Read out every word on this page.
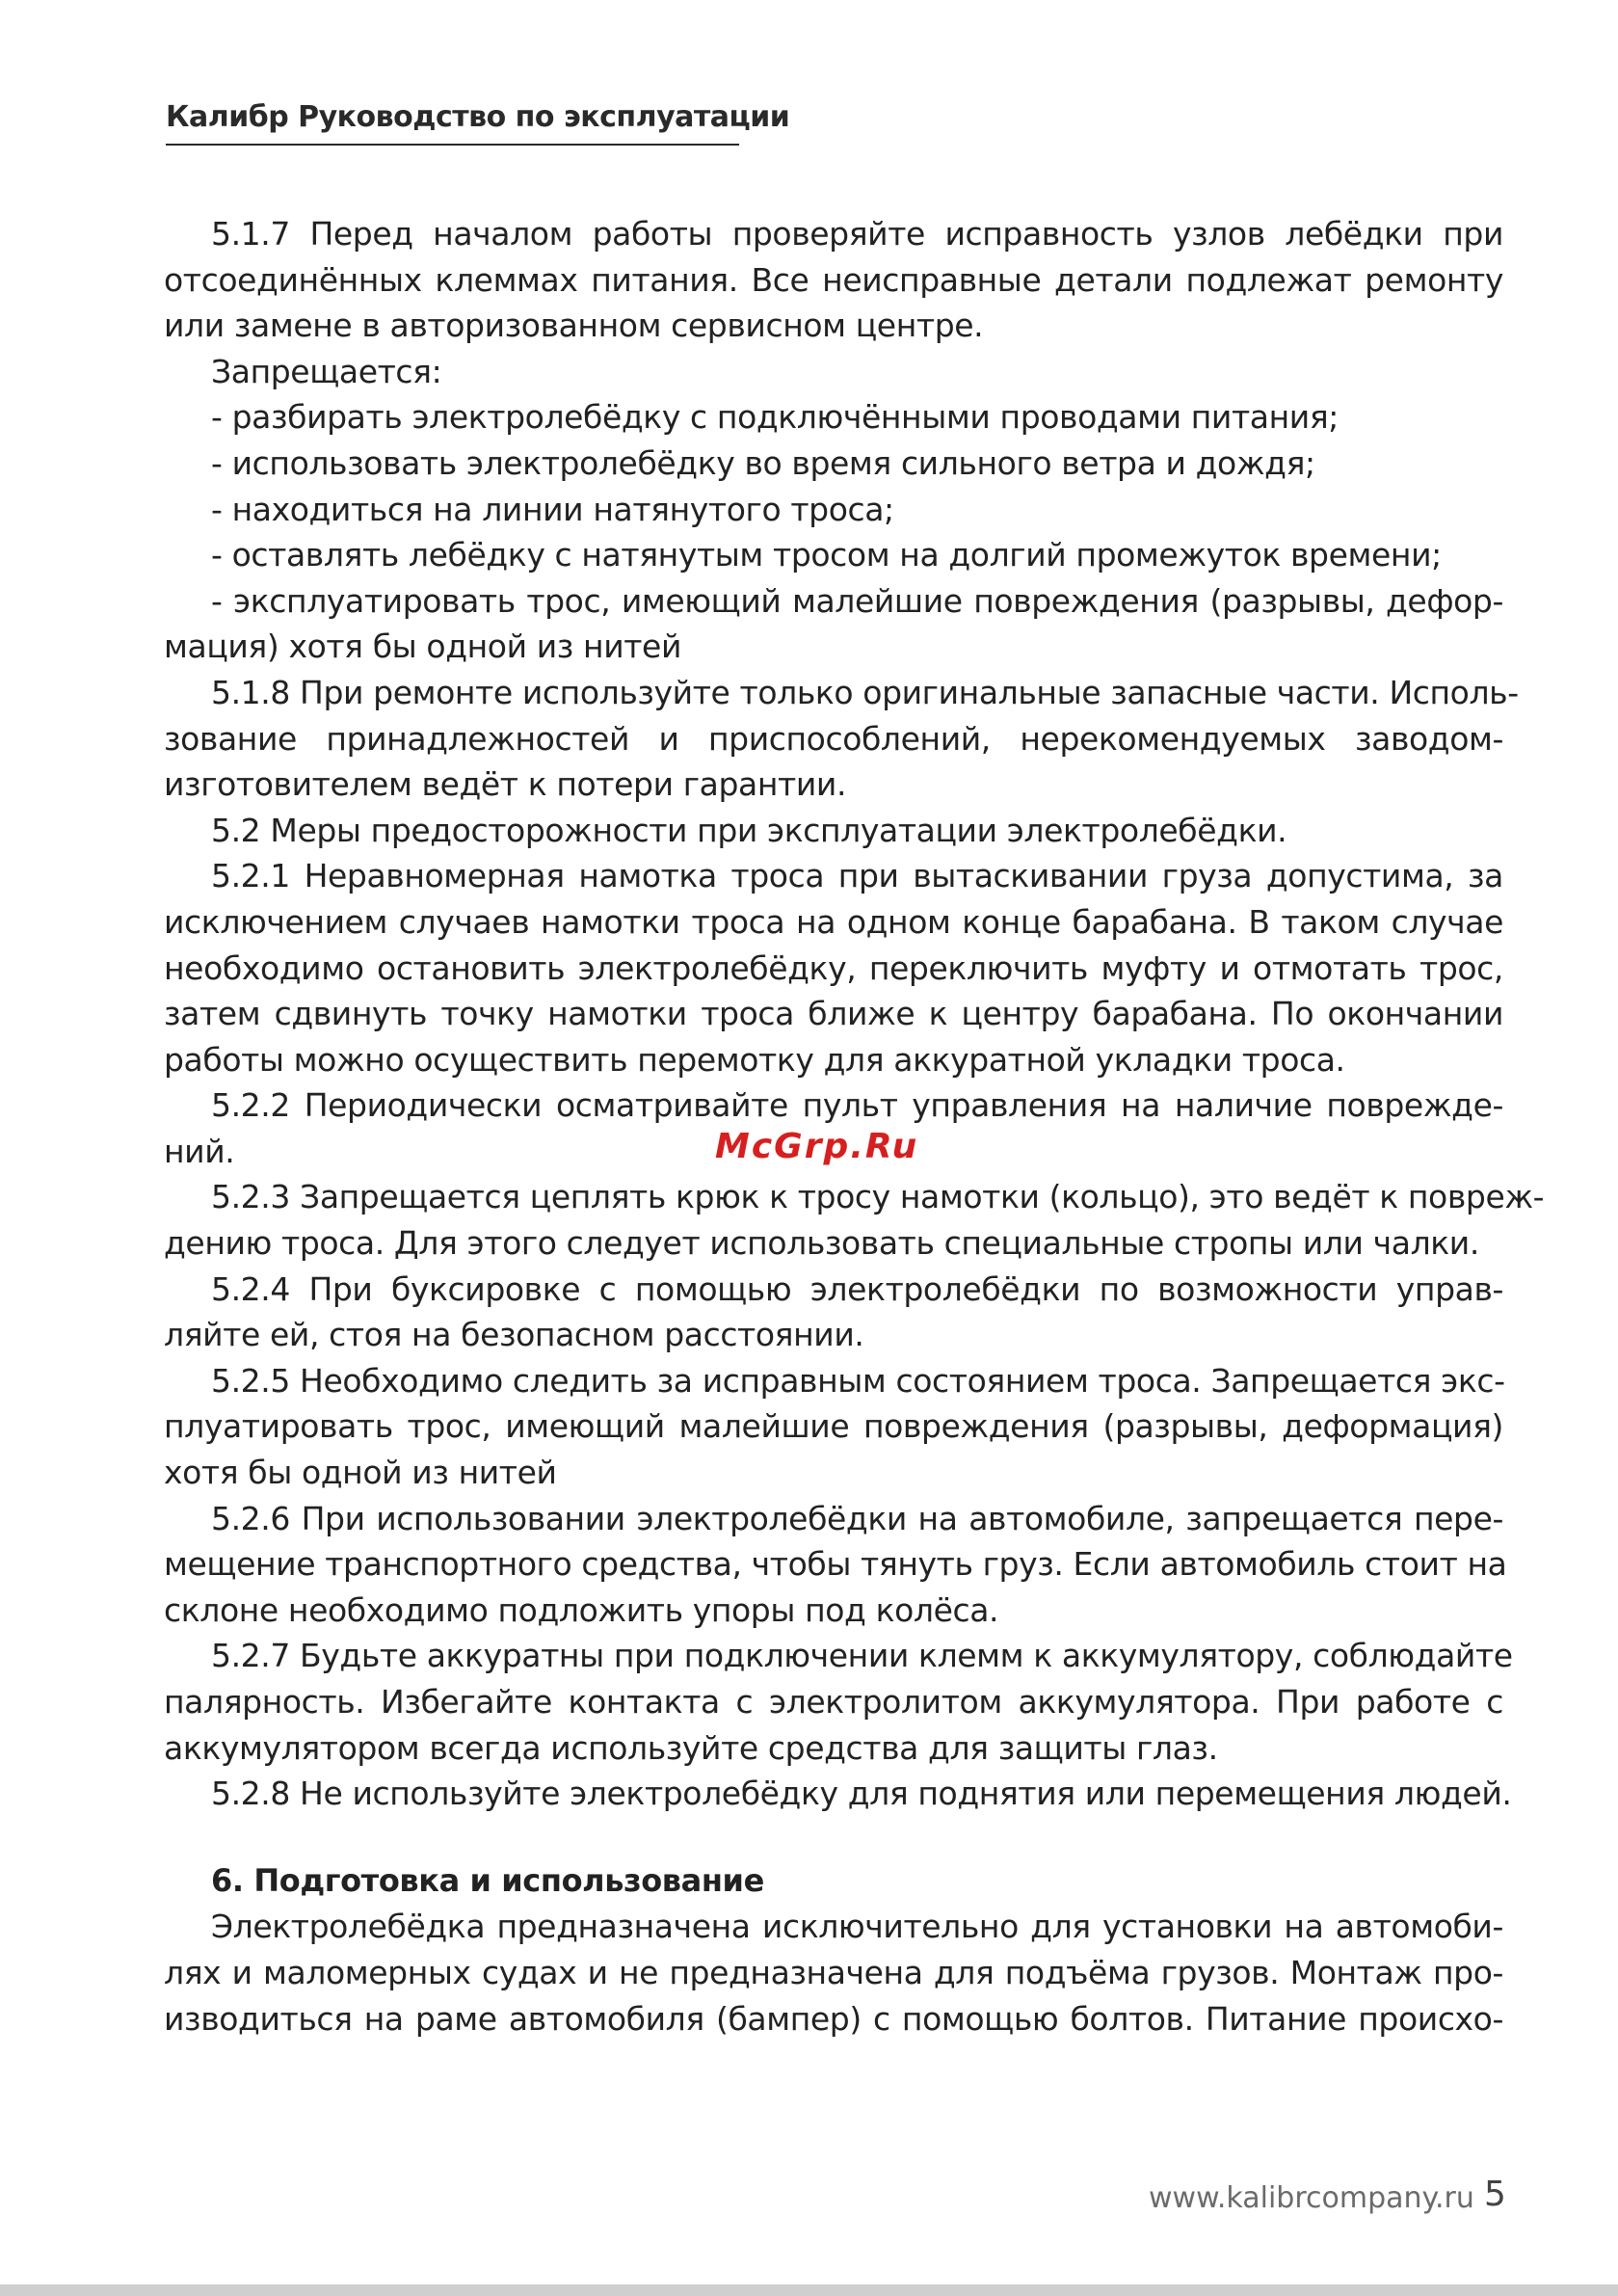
Калибр Руководство по эксплуатации
5.1.7 Перед началом работы проверяйте исправность узлов лебёдки при
отсоединённых клеммах питания. Все неисправные детали подлежат ремонту
или замене в авторизованном сервисном центре.
Запрещается:
- разбирать электролебёдку с подключёнными проводами питания;
- использовать электролебёдку во время сильного ветра и дождя;
- находиться на линии натянутого троса;
- оставлять лебёдку с натянутым тросом на долгий промежуток времени;
- эксплуатировать трос, имеющий малейшие повреждения (разрывы, дефор-
мация) хотя бы одной из нитей
5.1.8 При ремонте используйте только оригинальные запасные части. Исполь-
зование принадлежностей и приспособлений, нерекомендуемых заводом-
изготовителем ведёт к потери гарантии.
5.2 Меры предосторожности при эксплуатации электролебёдки.
5.2.1 Неравномерная намотка троса при вытаскивании груза допустима, за
исключением случаев намотки троса на одном конце барабана. В таком случае
необходимо остановить электролебёдку, переключить муфту и отмотать трос,
затем сдвинуть точку намотки троса ближе к центру барабана. По окончании
работы можно осуществить перемотку для аккуратной укладки троса.
5.2.2 Периодически осматривайте пульт управления на наличие поврежде-
ний.
5.2.3 Запрещается цеплять крюк к тросу намотки (кольцо), это ведёт к повреж-
дению троса. Для этого следует использовать специальные стропы или чалки.
5.2.4 При буксировке с помощью электролебёдки по возможности управ-
ляйте ей, стоя на безопасном расстоянии.
5.2.5 Необходимо следить за исправным состоянием троса. Запрещается экс-
плуатировать трос, имеющий малейшие повреждения (разрывы, деформация)
хотя бы одной из нитей
5.2.6 При использовании электролебёдки на автомобиле, запрещается пере-
мещение транспортного средства, чтобы тянуть груз. Если автомобиль стоит на
склоне необходимо подложить упоры под колёса.
5.2.7 Будьте аккуратны при подключении клемм к аккумулятору, соблюдайте
палярность. Избегайте контакта с электролитом аккумулятора. При работе с
аккумулятором всегда используйте средства для защиты глаз.
5.2.8 Не используйте электролебёдку для поднятия или перемещения людей.
6. Подготовка и использование
Электролебёдка предназначена исключительно для установки на автомоби-
лях и маломерных судах и не предназначена для подъёма грузов. Монтаж про-
изводиться на раме автомобиля (бампер) с помощью болтов. Питание происхо-
McGrp.Ru
www.kalibrcompany.ru 5
